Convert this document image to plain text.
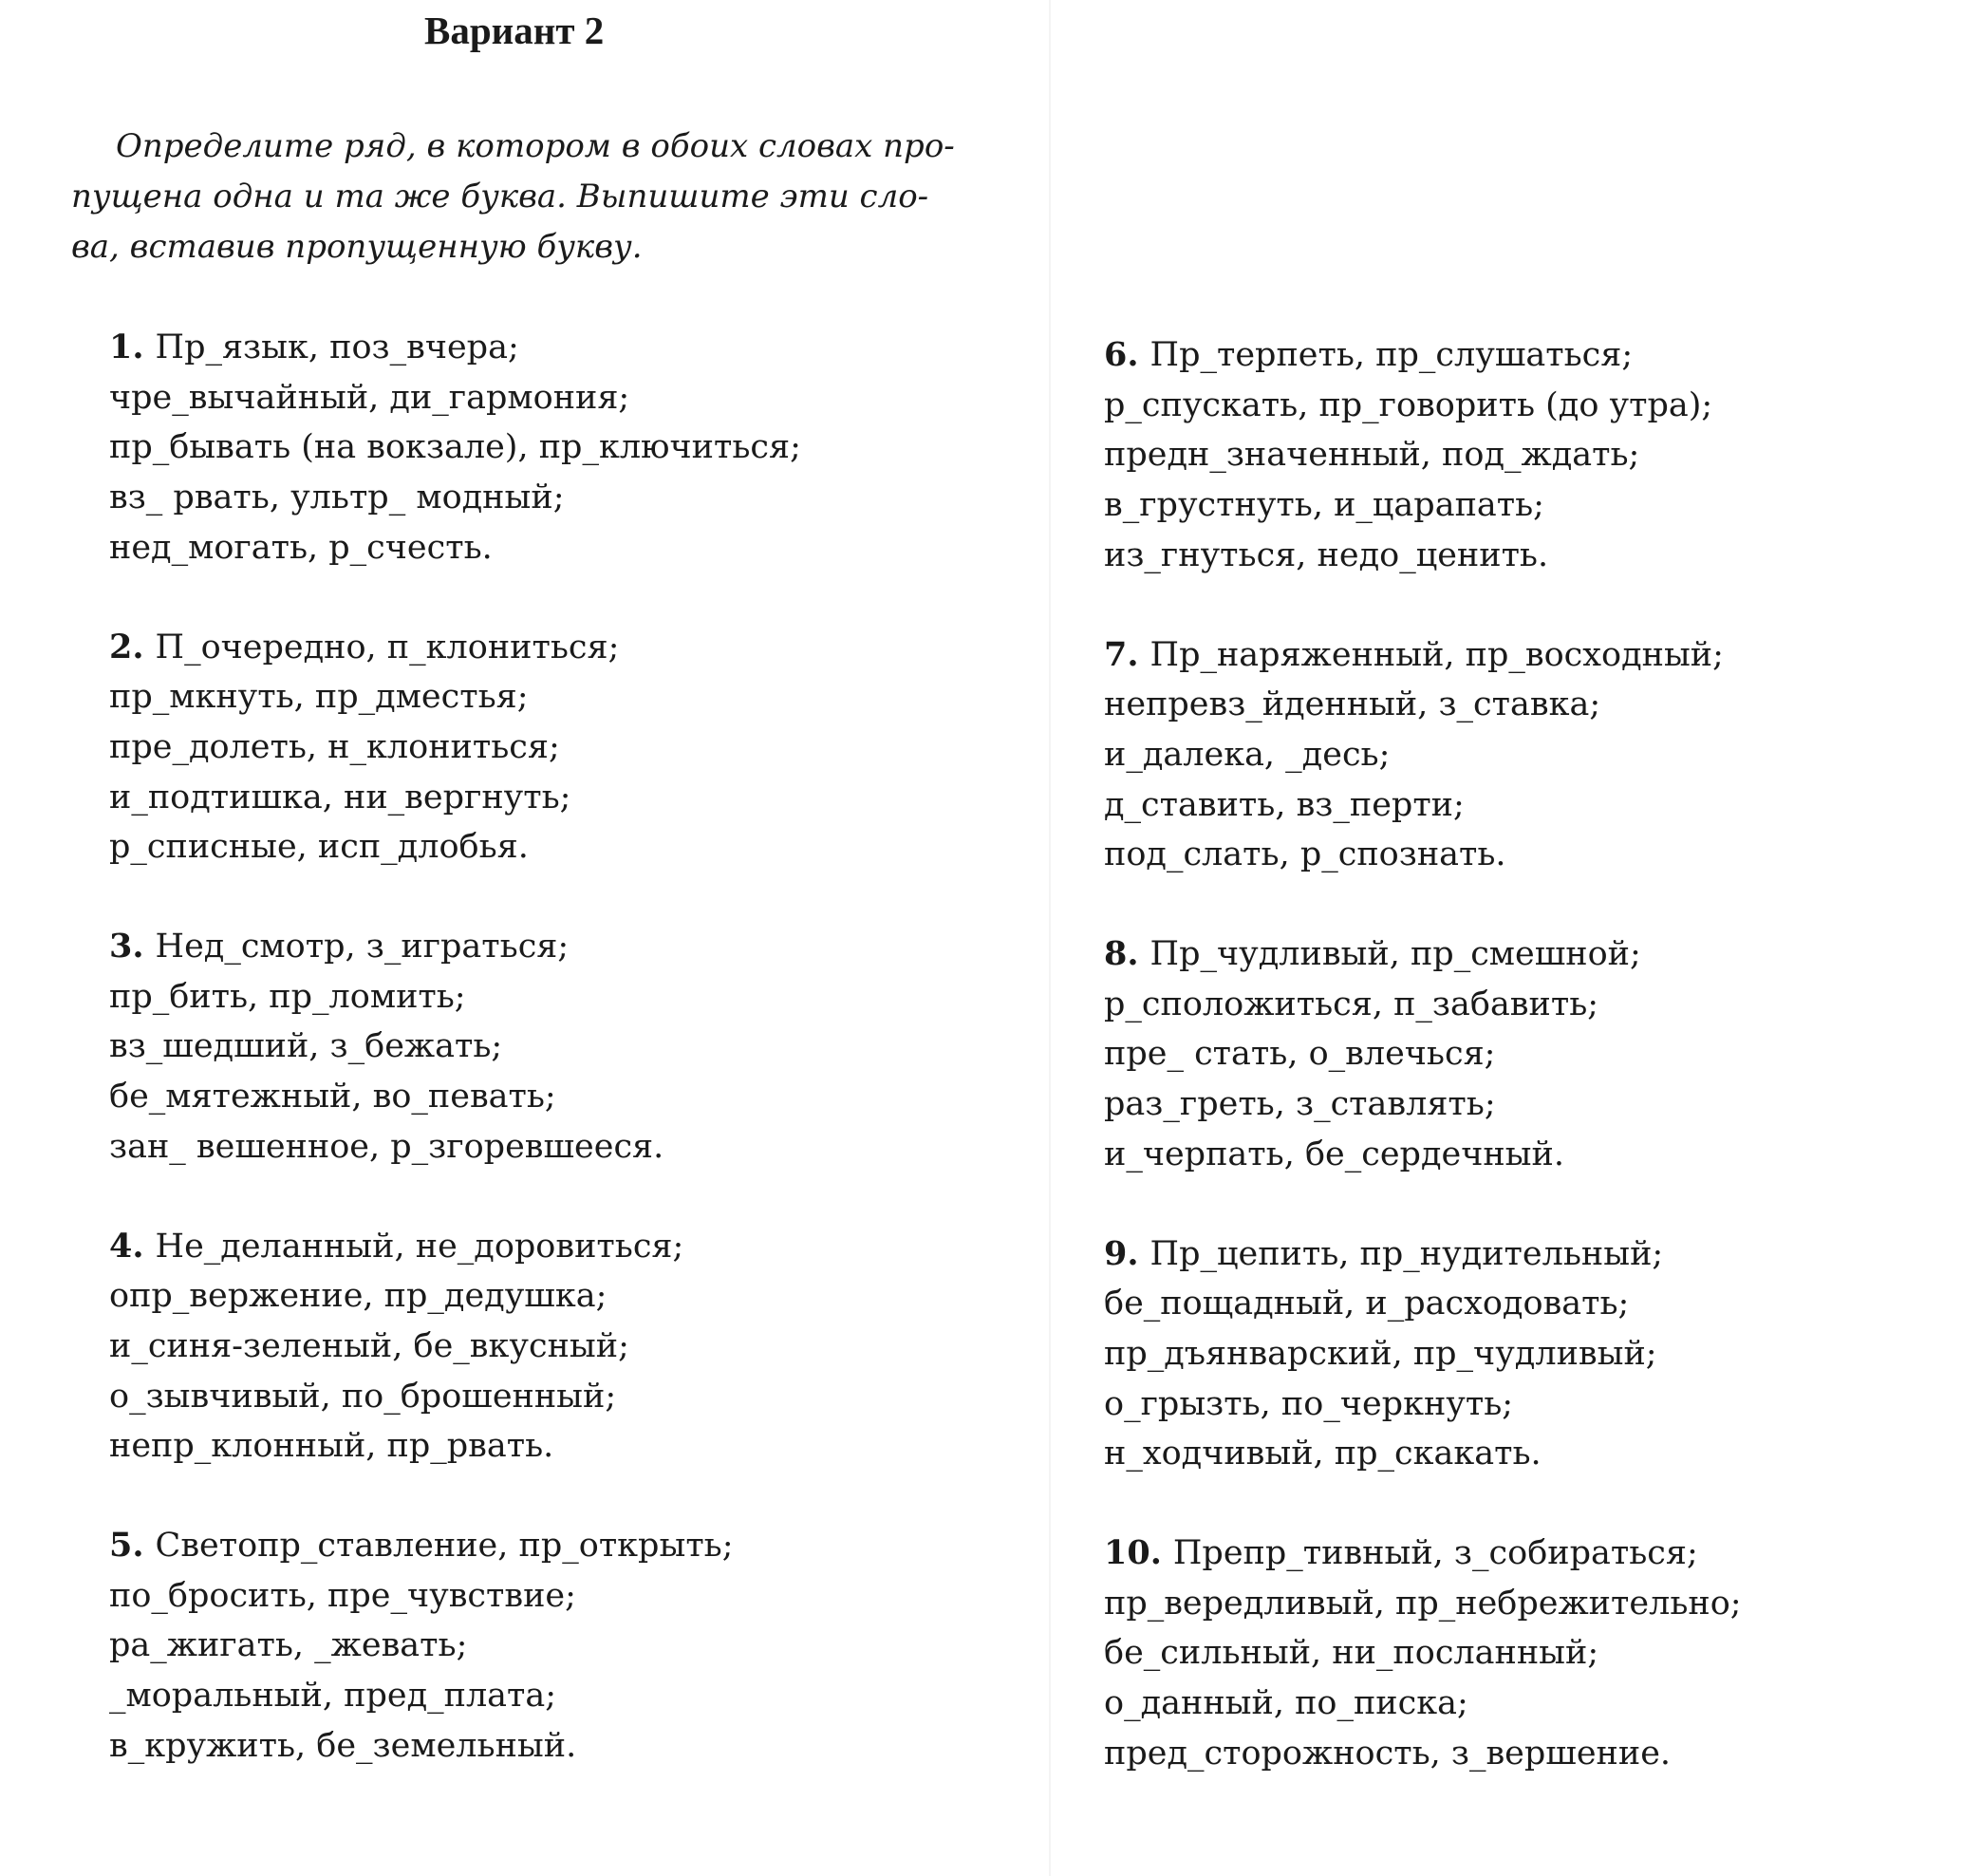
Вариант 2
Определите ряд, в котором в обоих словах про-
пущена одна и та же буква. Выпишите эти сло-
ва, вставив пропущенную букву.
1. Пр_язык, поз_вчера;
чре_вычайный, ди_гармония;
пр_бывать (на вокзале), пр_ключиться;
вз_ рвать, ультр_ модный;
нед_могать, р_счесть.
2. П_очередно, п_клониться;
пр_мкнуть, пр_дместья;
пре_долеть, н_клониться;
и_подтишка, ни_вергнуть;
р_списные, исп_длобья.
3. Нед_смотр, з_играться;
пр_бить, пр_ломить;
вз_шедший, з_бежать;
бе_мятежный, во_певать;
зан_ вешенное, р_згоревшееся.
4. Не_деланный, не_доровиться;
опр_вержение, пр_дедушка;
и_синя-зеленый, бе_вкусный;
о_зывчивый, по_брошенный;
непр_клонный, пр_рвать.
5. Светопр_ставление, пр_открыть;
по_бросить, пре_чувствие;
ра_жигать, _жевать;
_моральный, пред_плата;
в_кружить, бе_земельный.
6. Пр_терпеть, пр_слушаться;
р_спускать, пр_говорить (до утра);
предн_значенный, под_ждать;
в_грустнуть, и_царапать;
из_гнуться, недо_ценить.
7. Пр_наряженный, пр_восходный;
непревз_йденный, з_ставка;
и_далека, _десь;
д_ставить, вз_перти;
под_слать, р_спознать.
8. Пр_чудливый, пр_смешной;
р_сположиться, п_забавить;
пре_ стать, о_влечься;
раз_греть, з_ставлять;
и_черпать, бе_сердечный.
9. Пр_цепить, пр_нудительный;
бе_пощадный, и_расходовать;
пр_дъянварский, пр_чудливый;
о_грызть, по_черкнуть;
н_ходчивый, пр_скакать.
10. Препр_тивный, з_собираться;
пр_вередливый, пр_небрежительно;
бе_сильный, ни_посланный;
о_данный, по_писка;
пред_сторожность, з_вершение.
